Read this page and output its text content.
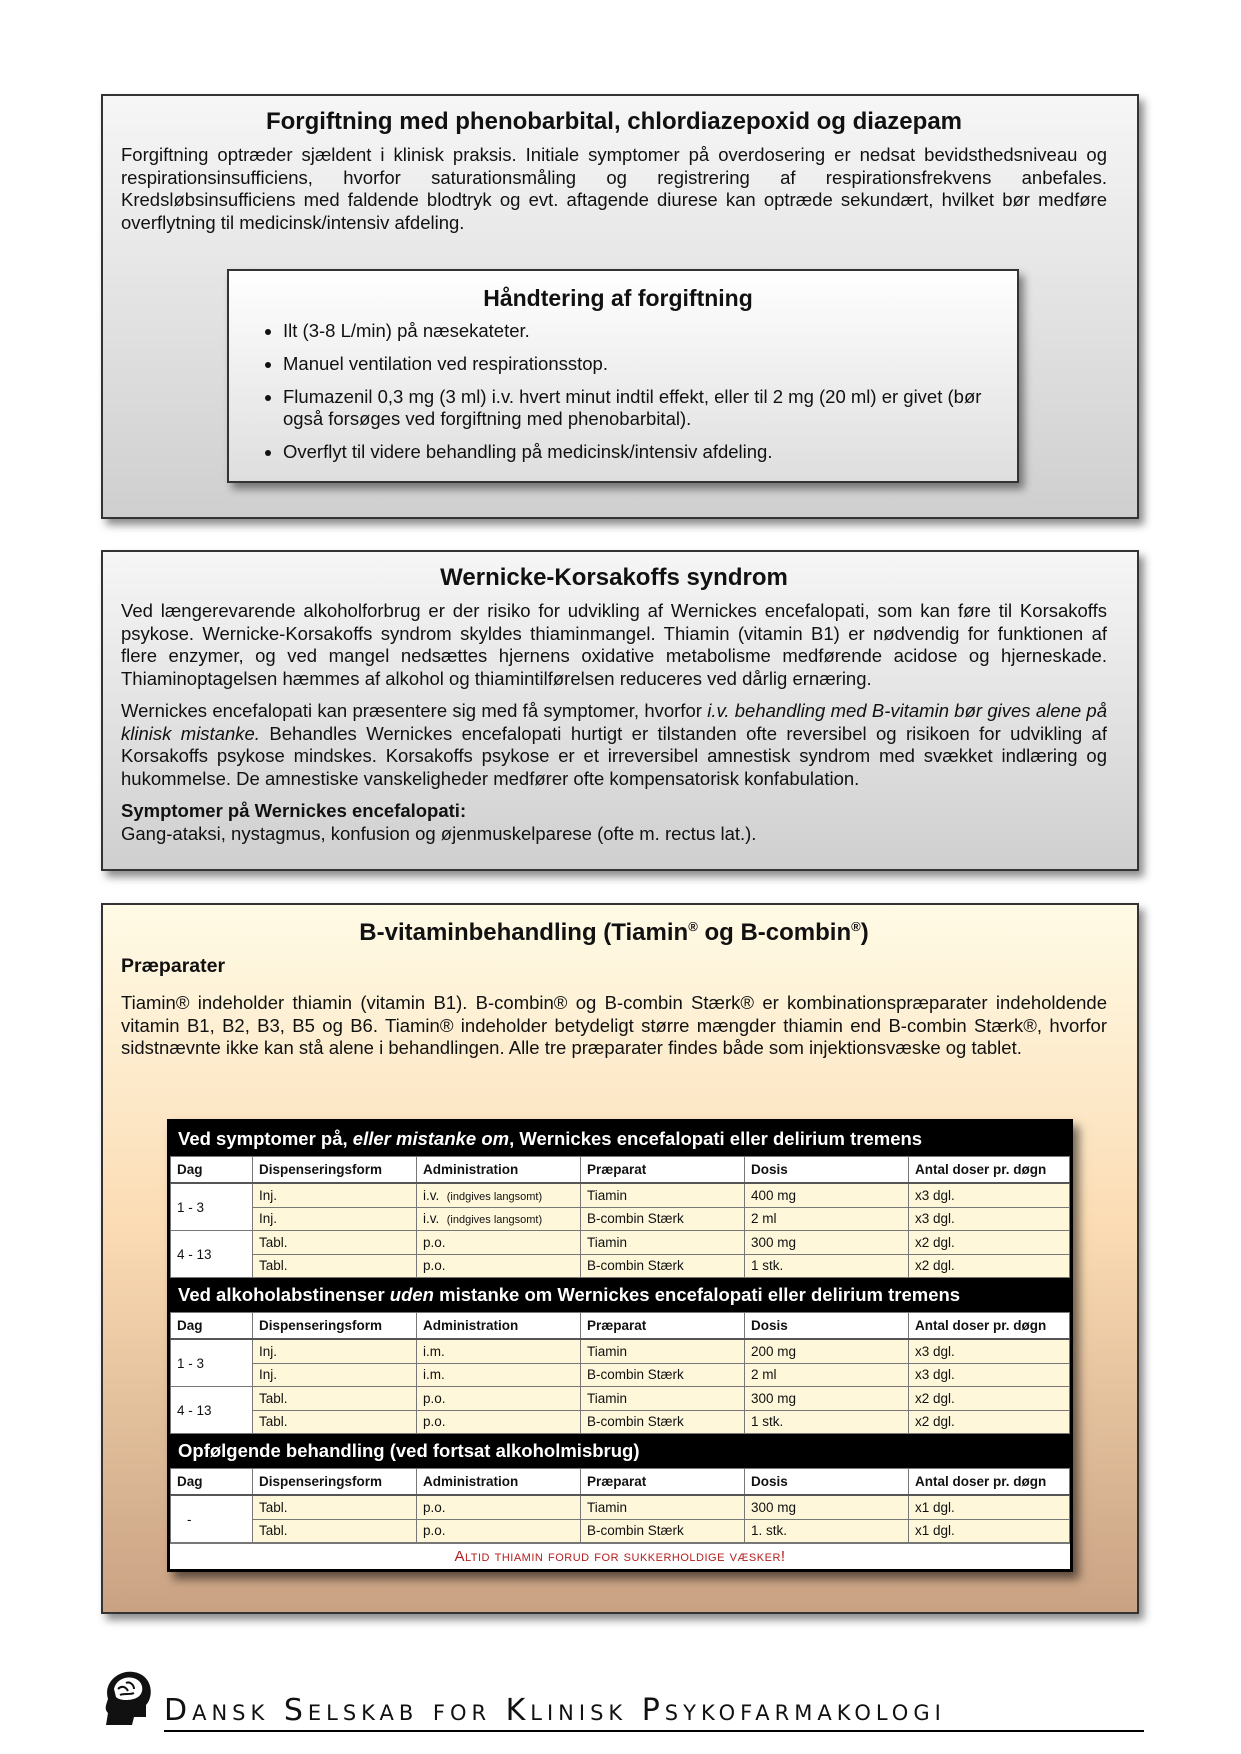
Forgiftning med phenobarbital, chlordiazepoxid og diazepam

Forgiftning optræder sjældent i klinisk praksis. Initiale symptomer på overdosering er nedsat bevidsthedsniveau og respirationsinsufficiens, hvorfor saturationsmåling og registrering af respirationsfrekvens anbefales. Kredsløbsinsufficiens med faldende blodtryk og evt. aftagende diurese kan optræde sekundært, hvilket bør medføre overflytning til medicinsk/intensiv afdeling.

Håndtering af forgiftning
• Ilt (3-8 L/min) på næsekateter.
• Manuel ventilation ved respirationsstop.
• Flumazenil 0,3 mg (3 ml) i.v. hvert minut indtil effekt, eller til 2 mg (20 ml) er givet (bør også forsøges ved forgiftning med phenobarbital).
• Overflyt til videre behandling på medicinsk/intensiv afdeling.
Wernicke-Korsakoffs syndrom

Ved længerevarende alkoholforbrug er der risiko for udvikling af Wernickes encefalopati, som kan føre til Korsakoffs psykose. Wernicke-Korsakoffs syndrom skyldes thiaminmangel. Thiamin (vitamin B1) er nødvendig for funktionen af flere enzymer, og ved mangel nedsættes hjernens oxidative metabolisme medførende acidose og hjerneskade. Thiaminoptagelsen hæmmes af alkohol og thiamintilførelsen reduceres ved dårlig ernæring.

Wernickes encefalopati kan præsentere sig med få symptomer, hvorfor i.v. behandling med B-vitamin bør gives alene på klinisk mistanke. Behandles Wernickes encefalopati hurtigt er tilstanden ofte reversibel og risikoen for udvikling af Korsakoffs psykose mindskes. Korsakoffs psykose er et irreversibel amnestisk syndrom med svækket indlæring og hukommelse. De amnestiske vanskeligheder medfører ofte kompensatorisk konfabulation.

Symptomer på Wernickes encefalopati:
Gang-ataksi, nystagmus, konfusion og øjenmuskelparese (ofte m. rectus lat.).

B-vitaminbehandling (Tiamin® og B-combin®)
Præparater

Tiamin® indeholder thiamin (vitamin B1). B-combin® og B-combin Stærk® er kombinationspræparater indeholdende vitamin B1, B2, B3, B5 og B6. Tiamin® indeholder betydeligt større mængder thiamin end B-combin Stærk®, hvorfor sidstnævnte ikke kan stå alene i behandlingen. Alle tre præparater findes både som injektionsvæske og tablet.

Ved symptomer på, eller mistanke om, Wernickes encefalopati eller delirium tremens
Dag	Dispenseringsform	Administration	Præparat	Dosis	Antal doser pr. døgn
1 - 3	Inj.	i.v. (indgives langsomt)	Tiamin	400 mg	x3 dgl.
	Inj.	i.v. (indgives langsomt)	B-combin Stærk	2 ml	x3 dgl.
4 - 13	Tabl.	p.o.	Tiamin	300 mg	x2 dgl.
	Tabl.	p.o.	B-combin Stærk	1 stk.	x2 dgl.
Ved alkoholabstinenser uden mistanke om Wernickes encefalopati eller delirium tremens
Dag	Dispenseringsform	Administration	Præparat	Dosis	Antal doser pr. døgn
1 - 3	Inj.	i.m.	Tiamin	200 mg	x3 dgl.
	Inj.	i.m.	B-combin Stærk	2 ml	x3 dgl.
4 - 13	Tabl.	p.o.	Tiamin	300 mg	x2 dgl.
	Tabl.	p.o.	B-combin Stærk	1 stk.	x2 dgl.
Opfølgende behandling (ved fortsat alkoholmisbrug)
Dag	Dispenseringsform	Administration	Præparat	Dosis	Antal doser pr. døgn
-	Tabl.	p.o.	Tiamin	300 mg	x1 dgl.
	Tabl.	p.o.	B-combin Stærk	1. stk.	x1 dgl.
Altid thiamin forud for sukkerholdige væsker!
Dansk Selskab for Klinisk Psykofarmakologi
